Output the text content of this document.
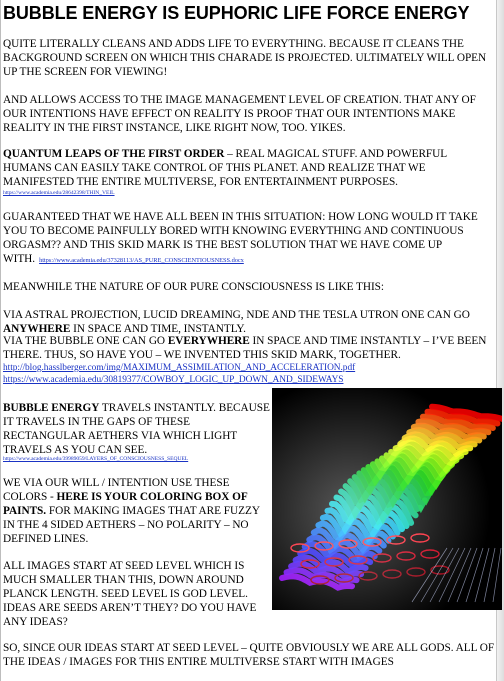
BUBBLE ENERGY IS EUPHORIC LIFE FORCE ENERGY

QUITE LITERALLY CLEANS AND ADDS LIFE TO EVERYTHING. BECAUSE IT CLEANS THE BACKGROUND SCREEN ON WHICH THIS CHARADE IS PROJECTED. ULTIMATELY WILL OPEN UP THE SCREEN FOR VIEWING!

AND ALLOWS ACCESS TO THE IMAGE MANAGEMENT LEVEL OF CREATION. THAT ANY OF OUR INTENTIONS HAVE EFFECT ON REALITY IS PROOF THAT OUR INTENTIONS MAKE REALITY IN THE FIRST INSTANCE, LIKE RIGHT NOW, TOO. YIKES.

QUANTUM LEAPS OF THE FIRST ORDER – REAL MAGICAL STUFF. AND POWERFUL HUMANS CAN EASILY TAKE CONTROL OF THIS PLANET. AND REALIZE THAT WE MANIFESTED THE ENTIRE MULTIVERSE, FOR ENTERTAINMENT PURPOSES.

https://www.academia.edu/28642398/THIN_VEIL

GUARANTEED THAT WE HAVE ALL BEEN IN THIS SITUATION: HOW LONG WOULD IT TAKE YOU TO BECOME PAINFULLY BORED WITH KNOWING EVERYTHING AND CONTINUOUS ORGASM?? AND THIS SKID MARK IS THE BEST SOLUTION THAT WE HAVE COME UP WITH. https://www.academia.edu/37328113/AS_PURE_CONSCIENTIOUSNESS.docx

MEANWHILE THE NATURE OF OUR PURE CONSCIOUSNESS IS LIKE THIS:

VIA ASTRAL PROJECTION, LUCID DREAMING, NDE AND THE TESLA UTRON ONE CAN GO ANYWHERE IN SPACE AND TIME, INSTANTLY.

VIA THE BUBBLE ONE CAN GO EVERYWHERE IN SPACE AND TIME INSTANTLY – I’VE BEEN THERE. THUS, SO HAVE YOU – WE INVENTED THIS SKID MARK, TOGETHER.

http://blog.hasslberger.com/img/MAXIMUM_ASSIMILATION_AND_ACCELERATION.pdf
https://www.academia.edu/30819377/COWBOY_LOGIC_UP_DOWN_AND_SIDEWAYS

BUBBLE ENERGY TRAVELS INSTANTLY. BECAUSE IT TRAVELS IN THE GAPS OF THESE RECTANGULAR AETHERS VIA WHICH LIGHT TRAVELS AS YOU CAN SEE.

https://www.academia.edu/39989059/LAYERS_OF_CONSCIOUSNESS_SEQUEL

WE VIA OUR WILL / INTENTION USE THESE COLORS - HERE IS YOUR COLORING BOX OF PAINTS. FOR MAKING IMAGES THAT ARE FUZZY IN THE 4 SIDED AETHERS – NO POLARITY – NO DEFINED LINES.

ALL IMAGES START AT SEED LEVEL WHICH IS MUCH SMALLER THAN THIS, DOWN AROUND PLANCK LENGTH. SEED LEVEL IS GOD LEVEL. IDEAS ARE SEEDS AREN’T THEY? DO YOU HAVE ANY IDEAS?

SO, SINCE OUR IDEAS START AT SEED LEVEL – QUITE OBVIOUSLY WE ARE ALL GODS. ALL OF THE IDEAS / IMAGES FOR THIS ENTIRE MULTIVERSE START WITH IMAGES
